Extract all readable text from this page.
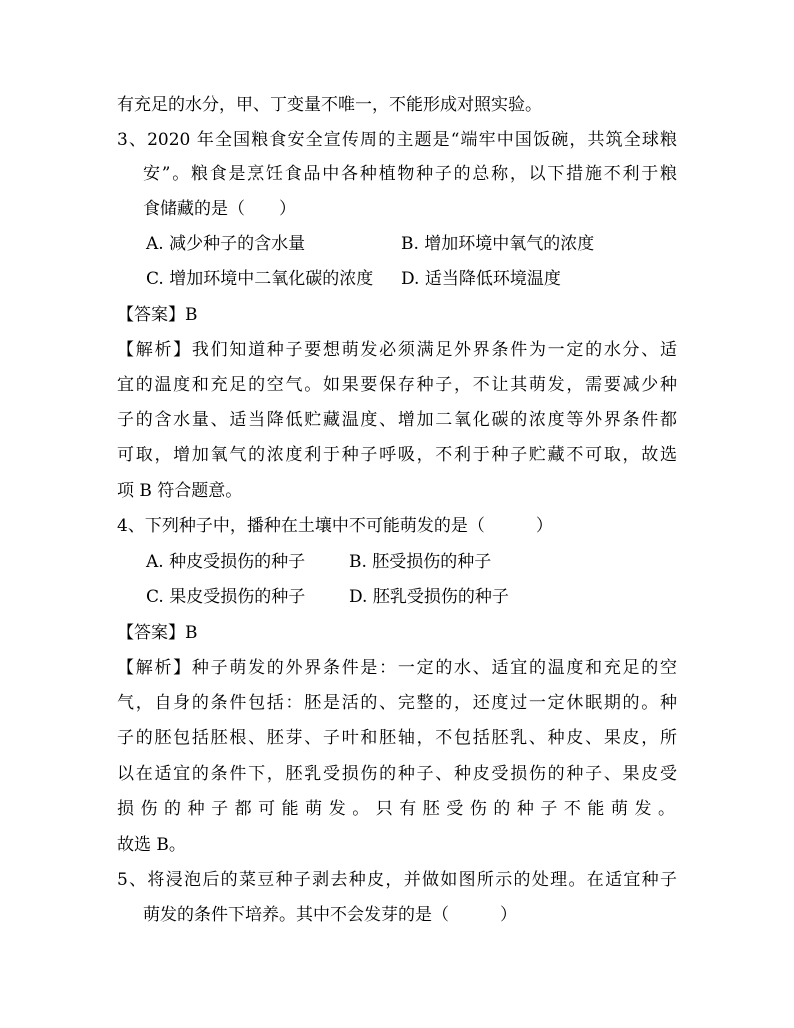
有充足的水分，甲、丁变量不唯一，不能形成对照实验。
3、2020 年全国粮食安全宣传周的主题是“端牢中国饭碗，共筑全球粮
安”。粮食是烹饪食品中各种植物种子的总称，以下措施不利于粮
食储藏的是（　　）
A. 减少种子的含水量	B. 增加环境中氧气的浓度
C. 增加环境中二氧化碳的浓度 D. 适当降低环境温度
【答案】B
【解析】我们知道种子要想萌发必须满足外界条件为一定的水分、适
宜的温度和充足的空气。如果要保存种子，不让其萌发，需要减少种
子的含水量、适当降低贮藏温度、增加二氧化碳的浓度等外界条件都
可取，增加氧气的浓度利于种子呼吸，不利于种子贮藏不可取，故选
项 B 符合题意。
4、下列种子中，播种在土壤中不可能萌发的是（　　　）
A. 种皮受损伤的种子	B. 胚受损伤的种子
C. 果皮受损伤的种子	D. 胚乳受损伤的种子
【答案】B
【解析】种子萌发的外界条件是：一定的水、适宜的温度和充足的空
气，自身的条件包括：胚是活的、完整的，还度过一定休眠期的。种
子的胚包括胚根、胚芽、子叶和胚轴，不包括胚乳、种皮、果皮，所
以在适宜的条件下，胚乳受损伤的种子、种皮受损伤的种子、果皮受
损伤的种子都可能萌发。只有胚受伤的种子不能萌发。
故选 B。
5、将浸泡后的菜豆种子剥去种皮，并做如图所示的处理。在适宜种子
萌发的条件下培养。其中不会发芽的是（　　　）
